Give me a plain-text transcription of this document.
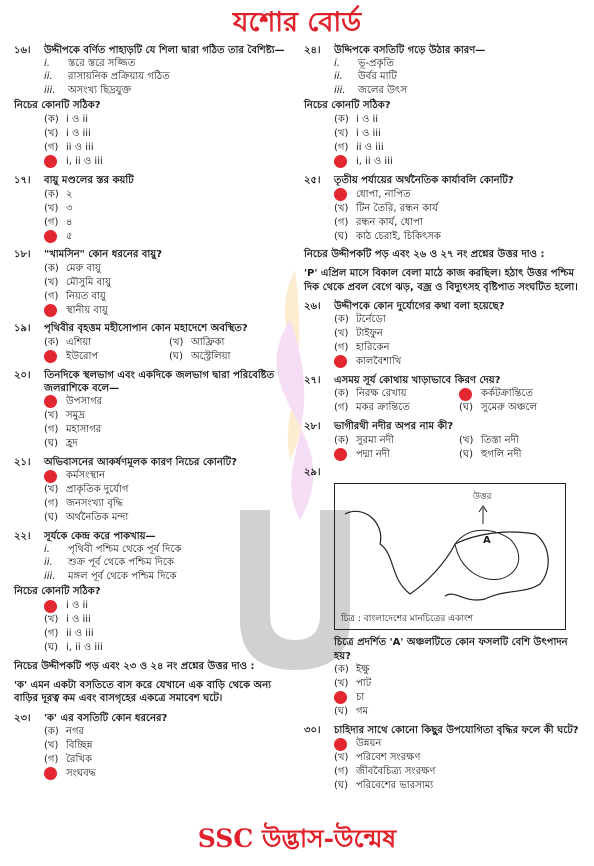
যশোর বোর্ড
১৬।	উদ্দীপকে বর্ণিত পাহাড়টি যে শিলা দ্বারা গঠিত তার বৈশিষ্ট্য—
i.	স্তরে স্তরে সজ্জিত
ii.	রাসায়নিক প্রক্রিয়ায় গঠিত
iii.	অসংখ্য ছিদ্রযুক্ত
নিচের কোনটি সঠিক?
(ক) i ও ii
(খ) i ও iii
(গ) ii ও iii
i, ii ও iii
১৭।	বায়ু মণ্ডলের স্তর কয়টি
(ক) ২
(খ) ৩
(গ) ৪
৫
১৮।	"খামসিন" কোন ধরনের বায়ু?
(ক) মেরু বায়ু
(খ) মৌসুমি বায়ু
(গ) নিয়ত বায়ু
স্থানীয় বায়ু
১৯।	পৃথিবীর বৃহত্তম মহীসোপান কোন মহাদেশে অবস্থিত?
(ক) এশিয়া	(খ) আফ্রিকা
ইউরোপ	(ঘ) অস্ট্রেলিয়া
২০।	তিনদিকে স্থলভাগ এবং একদিকে জলভাগ দ্বারা পরিবেষ্টিত জলরাশিকে বলে—
উপসাগর
(খ) সমুদ্র
(গ) মহাসাগর
(ঘ) হ্রদ
২১।	অভিবাসনের আকর্ষণমূলক কারণ নিচের কোনটি?
কর্মসংস্থান
(খ) প্রাকৃতিক দুর্যোগ
(গ) জনসংখ্যা বৃদ্ধি
(ঘ) অর্থনৈতিক মন্দা
২২।	সূর্যকে কেন্দ্র করে পাকখায়—
i.	পৃথিবী পশ্চিম থেকে পূর্ব দিকে
ii.	শুক্র পূর্ব থেকে পশ্চিম দিকে
iii.	মঙ্গল পূর্ব থেকে পশ্চিম দিকে
নিচের কোনটি সঠিক?
i ও ii
(খ) i ও iii
(গ) ii ও iii
(ঘ) i, ii ও iii
নিচের উদ্দীপকটি পড় এবং ২৩ ও ২৪ নং প্রশ্নের উত্তর দাও :
'ক' এমন একটা বসতিতে বাস করে যেখানে এক বাড়ি থেকে অন্য বাড়ির দূরত্ব কম এবং বাসগৃহের একত্রে সমাবেশ ঘটে।
২৩।	'ক' এর বসতিটি কোন ধরনের?
(ক) নগর
(খ) বিচ্ছিন্ন
(গ) রৈখিক
সংঘবদ্ধ
২৪।	উদ্দিপকে বসতিটি গড়ে উঠার কারণ—
i.	ভূ-প্রকৃতি
ii.	উর্বর মাটি
iii.	জলের উৎস
নিচের কোনটি সঠিক?
(ক) i ও ii
(খ) i ও iii
(গ) ii ও iii
i, ii ও iii
২৫।	তৃতীয় পর্যায়ের অর্থনৈতিক কার্যাবলি কোনটি?
ধোপা, নাপিত
(খ) টিন তৈরি, রন্ধন কার্য
(গ) রন্ধন কার্য, ধোপা
(ঘ) কাঠ চেরাই, চিকিৎসক
নিচের উদ্দীপকটি পড় এবং ২৬ ও ২৭ নং প্রশ্নের উত্তর দাও :
'P' এপ্রিল মাসে বিকাল বেলা মাঠে কাজ করছিল। হঠাৎ উত্তর পশ্চিম দিক থেকে প্রবল বেগে ঝড়, বজ্র ও বিদ্যুৎসহ বৃষ্টিপাত সংঘটিত হলো।
২৬।	উদ্দীপকে কোন দুর্যোগের কথা বলা হয়েছে?
(ক) টর্নেডো
(খ) টাইফুন
(গ) হারিকেন
কালবৈশাখি
২৭।	এসময় সূর্য কোথায় খাড়াভাবে কিরণ দেয়?
(ক) নিরক্ষ রেখায়	কর্কটক্রান্তিতে
(গ) মকর ক্রান্তিতে	(ঘ) সুমেরু অঞ্চলে
২৮।	ভাগীরথী নদীর অপর নাম কী?
(ক) সুরমা নদী	(খ) তিস্তা নদী
পদ্মা নদী	(ঘ) হুগলি নদী
২৯।
উত্তর
A
চিত্র : বাংলাদেশের মানচিত্রের একাংশ
চিত্রে প্রদর্শিত 'A' অঞ্চলটিতে কোন ফসলটি বেশি উৎপাদন হয়?
(ক) ইক্ষু
(খ) পাট
চা
(ঘ) গম
৩০।	চাহিদার সাথে কোনো কিছুর উপযোগিতা বৃদ্ধির ফলে কী ঘটে?
উন্নয়ন
(খ) পরিবেশ সংরক্ষণ
(গ) জীববৈচিত্র্য সংরক্ষণ
(ঘ) পরিবেশের ভারসাম্য
SSC উদ্ভাস-উন্মেষ
